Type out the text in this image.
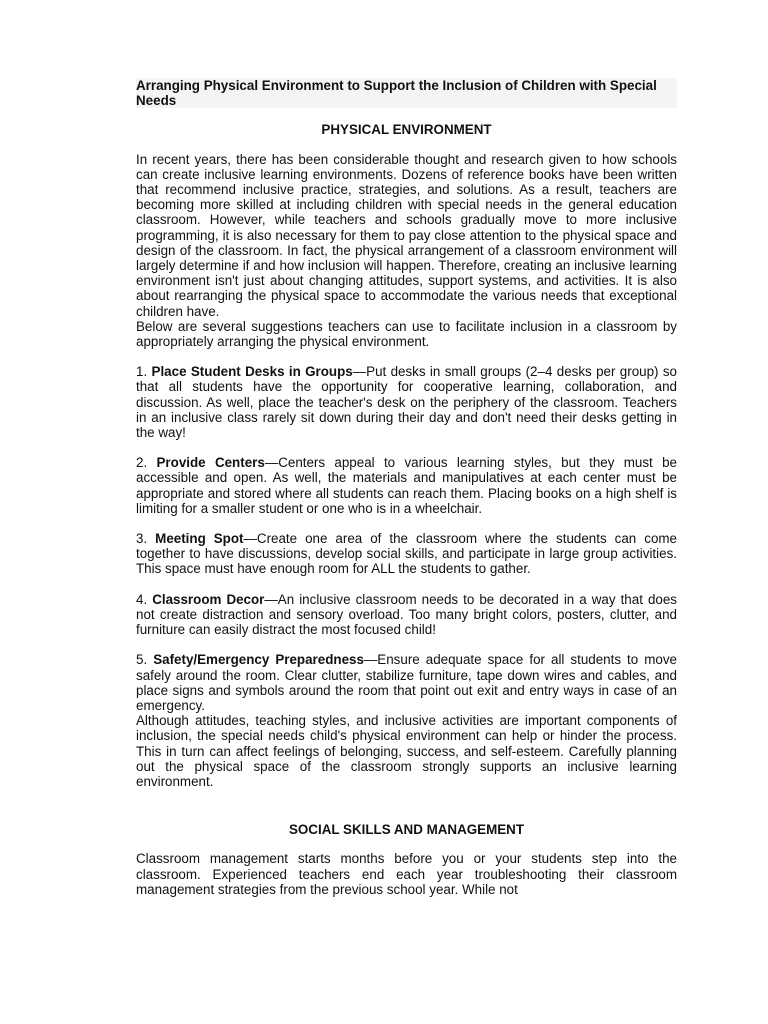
Arranging Physical Environment to Support the Inclusion of Children with Special Needs
PHYSICAL ENVIRONMENT

In recent years, there has been considerable thought and research given to how schools can create inclusive learning environments. Dozens of reference books have been written that recommend inclusive practice, strategies, and solutions. As a result, teachers are becoming more skilled at including children with special needs in the general education classroom. However, while teachers and schools gradually move to more inclusive programming, it is also necessary for them to pay close attention to the physical space and design of the classroom. In fact, the physical arrangement of a classroom environment will largely determine if and how inclusion will happen. Therefore, creating an inclusive learning environment isn't just about changing attitudes, support systems, and activities. It is also about rearranging the physical space to accommodate the various needs that exceptional children have.

Below are several suggestions teachers can use to facilitate inclusion in a classroom by appropriately arranging the physical environment.

1. Place Student Desks in Groups—Put desks in small groups (2–4 desks per group) so that all students have the opportunity for cooperative learning, collaboration, and discussion. As well, place the teacher's desk on the periphery of the classroom. Teachers in an inclusive class rarely sit down during their day and don't need their desks getting in the way!

2. Provide Centers—Centers appeal to various learning styles, but they must be accessible and open. As well, the materials and manipulatives at each center must be appropriate and stored where all students can reach them. Placing books on a high shelf is limiting for a smaller student or one who is in a wheelchair.

3. Meeting Spot—Create one area of the classroom where the students can come together to have discussions, develop social skills, and participate in large group activities. This space must have enough room for ALL the students to gather.

4. Classroom Decor—An inclusive classroom needs to be decorated in a way that does not create distraction and sensory overload. Too many bright colors, posters, clutter, and furniture can easily distract the most focused child!

5. Safety/Emergency Preparedness—Ensure adequate space for all students to move safely around the room. Clear clutter, stabilize furniture, tape down wires and cables, and place signs and symbols around the room that point out exit and entry ways in case of an emergency.

Although attitudes, teaching styles, and inclusive activities are important components of inclusion, the special needs child's physical environment can help or hinder the process. This in turn can affect feelings of belonging, success, and self-esteem. Carefully planning out the physical space of the classroom strongly supports an inclusive learning environment.

SOCIAL SKILLS AND MANAGEMENT

Classroom management starts months before you or your students step into the classroom. Experienced teachers end each year troubleshooting their classroom management strategies from the previous school year. While not
